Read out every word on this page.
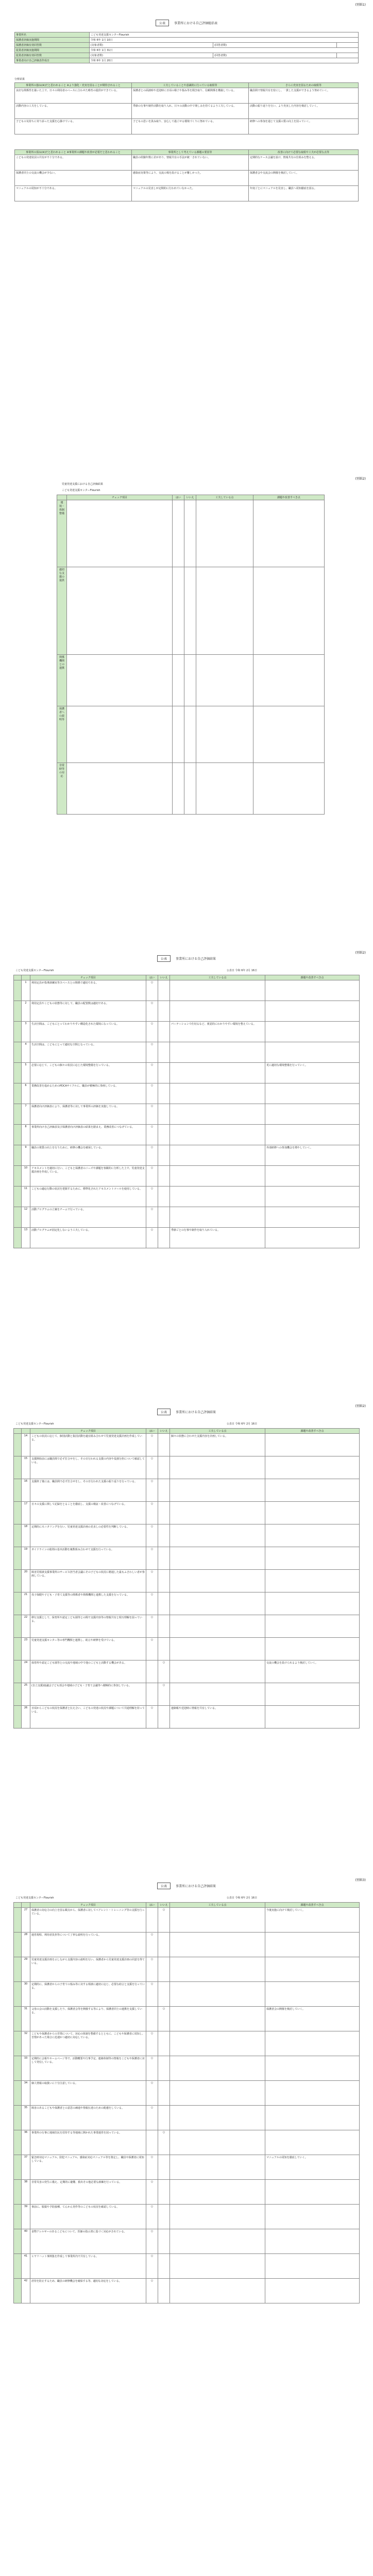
(別紙1)
公表	事業所における自己評価総括表
事業所名	こども発達支援センターFlourish		
保護者評価実施期間	令和 6年 1月 10日		
保護者評価有効回答数	(対象者数)	(回答者数)	
従業者評価実施期間	令和 6年 1月 31日		
従業者評価有効回答数	(対象者数)	(回答者数)	
事業者向け自己評価表作成日	令和 6年 1月 20日		
分析結果
事業所の強み(※)だと思われること ※より強化・充実を図ることが期待されること	工夫していることや意識的に行っている取組等	さらに充実を図るための取組等
良好な関係性を築いた上で、日々の利用者のペースに合わせた療育の提供ができている。	保護者との面談時や送迎時に日頃の様子や悩み等を聞き取り、信頼関係を構築している。	職員間で情報共有を密にし、一貫した支援ができるよう努めていく。
活動内容の工夫をしている。	季節の行事や制作活動を取り入れ、日々の活動の中で楽しみを持てるよう工夫している。	活動の振り返りを行い、より充実した内容を検討していく。
子どもの気持ちに寄り添った支援を心掛けている。	子どもの思いを汲み取り、安心して過ごせる環境づくりに努めている。	研修への参加を通じて支援の質の向上を図っていく。
事業所の弱み(※)だと思われること ※事業所の課題や改善が必要だと思われること	事業所として考えている課題の要因等	改善に向けて必要な取組や工夫が必要な点等
こどもの発達状況の共有が不十分である。	職員の経験年数に差があり、情報共有の手法が統一されていない。	定期的なケース会議を設け、情報共有の仕組みを整える。
保護者同士の交流の機会が少ない。	感染症対策等により、交流の場を設けることが難しかった。	保護者会や交流会の開催を検討していく。
マニュアルの周知が不十分である。	マニュアルの見直しが定期的に行われていなかった。	年度ごとにマニュアルを見直し、職員へ周知徹底を図る。
(別紙2)
児童発達支援における自己評価結果
こども発達支援センターFlourish
	チェック項目	はい	いいえ	工夫している点	課題や改善すべき点
環境・体制整備					
適切な支援の提供					
関係機関との連携					
保護者への説明等					
非常時等の対応					
(別紙2)
公表	事業所における自己評価結果
こども発達支援センターFlourish	公表日 令和 6年 2月 16日
		チェック項目	はい	いいえ	工夫している点	課題や改善すべき点
	1	利用定員が指導訓練室等スペースとの関係で適切である。	○			
	2	利用定員やこどもの状態等に対して、職員の配置数は適切である。	○			
	3	生活空間は、こどもにとってわかりやすい構造化された環境になっている。	○		パーテーションで仕切るなど、視覚的にわかりやすい環境を整えている。	
	4	生活空間は、こどもにとって適切な空間となっている。	○			
	5	必要に応じて、こどもの個々の状況に応じた環境整備を行っている。	○			更に適切な環境整備を行っていく。
	6	業務改善を進めるためのPDCAサイクルに、職員が積極的に参画している。	○			
	7	保護者向け評価表により、保護者等に対して事業所の評価を実施している。	○			
	8	事業所向け自己評価表及び保護者向け評価表の結果を踏まえ、業務改善につなげている。	○			
	9	職員の資質の向上を行うために、研修の機会を確保している。	○			外部研修への参加機会を増やしていく。
	10	アセスメントを適切に行い、こどもと保護者のニーズや課題を客観的に分析した上で、児童発達支援計画を作成している。	○			
	11	こどもの適応行動の状況を把握するために、標準化されたアセスメントツールを使用している。	○			
	12	活動プログラムの立案をチームで行っている。	○			
	13	活動プログラムが固定化しないよう工夫している。	○		季節ごとの行事や制作を取り入れている。	
(別紙2)
公表	事業所における自己評価結果
こども発達支援センターFlourish	公表日 令和 6年 2月 16日
		チェック項目	はい	いいえ	工夫している点	課題や改善すべき点
	14	こどもの状況に応じて、個別活動と集団活動を適宜組み合わせて児童発達支援計画を作成している。	○		個々の状態に合わせた支援内容を計画している。	
	15	支援開始前には職員間で必ず打合せをし、その日行われる支援の内容や役割分担について確認している。	○			
	16	支援終了後には、職員間で必ず打合せをし、その日行われた支援の振り返りを行っている。	○			
	17	日々の支援に関して記録をとることを徹底し、支援の検証・改善につなげている。	○			
	18	定期的にモニタリングを行い、児童発達支援計画の見直しの必要性を判断している。	○			
	19	ガイドラインの総則の基本活動を複数組み合わせて支援を行っている。	○			
	20	障害児相談支援事業所のサービス担当者会議にその子どもの状況に精通した最もふさわしい者が参画している。	○			
	21	母子保健や子ども・子育て支援等の関係者や関係機関と連携した支援を行っている。	○			
	22	移行支援として、保育所や認定こども園等との間で支援内容等の情報共有と相互理解を図っている。	○			
	23	児童発達支援センター等の専門機関と連携し、助言や研修を受けている。	○			
	24	保育所や認定こども園等との交流や地域の中で他のこどもと活動する機会がある。		○		交流の機会を設けられるよう検討していく。
	25	(自立支援)協議会子ども部会や地域の子ども・子育て会議等へ積極的に参加している。		○		
	26	日頃からこどもの状況を保護者と伝え合い、こどもの発達の状況や課題について共通理解を持っている。	○		連絡帳や送迎時に情報を共有している。	
(別紙3)
公表	事業所における自己評価結果
こども発達支援センターFlourish	公表日 令和 6年 2月 16日
		チェック項目	はい	いいえ	工夫している点	課題や改善すべき点
	27	保護者の対応力の向上を図る観点から、保護者に対してペアレント・トレーニング等の支援を行っている。		○		今後実施に向けて検討していく。
	28	運営規程、利用者負担等について丁寧な説明を行っている。	○			
	29	児童発達支援計画を示しながら支援内容の説明を行い、保護者から児童発達支援計画の同意を得ている。	○			
	30	定期的に、保護者からの子育ての悩み等に対する相談に適切に応じ、必要な助言と支援を行っている。	○			
	31	父母の会の活動を支援したり、保護者会等を開催する等により、保護者同士の連携を支援している。		○		保護者会の開催を検討していく。
	32	こどもや保護者からの苦情について、対応の体制を整備するとともに、こどもや保護者に周知し、苦情があった場合に迅速かつ適切に対応している。	○			
	33	定期的に会報やホームページ等で、活動概要や行事予定、連絡体制等の情報をこどもや保護者に対して発信している。	○			
	34	個人情報の取扱いに十分注意している。	○			
	35	障害のあるこどもや保護者との意思の疎通や情報伝達のための配慮をしている。	○			
	36	事業所の行事に地域住民を招待する等地域に開かれた事業運営を図っている。		○		
	37	緊急時対応マニュアル、防犯マニュアル、感染症対応マニュアル等を策定し、職員や保護者に周知している。	○			マニュアルの周知を徹底していく。
	38	非常災害の発生に備え、定期的に避難、救出その他必要な訓練を行っている。	○			
	39	事前に、服薬や予防接種、てんかん発作等のこどもの状況を確認している。	○			
	40	食物アレルギーのあるこどもについて、医師の指示書に基づく対応がされている。	○			
	41	ヒヤリハット事例集を作成して事業所内で共有している。	○			
	42	虐待を防止するため、職員の研修機会を確保する等、適切な対応をしている。	○			
